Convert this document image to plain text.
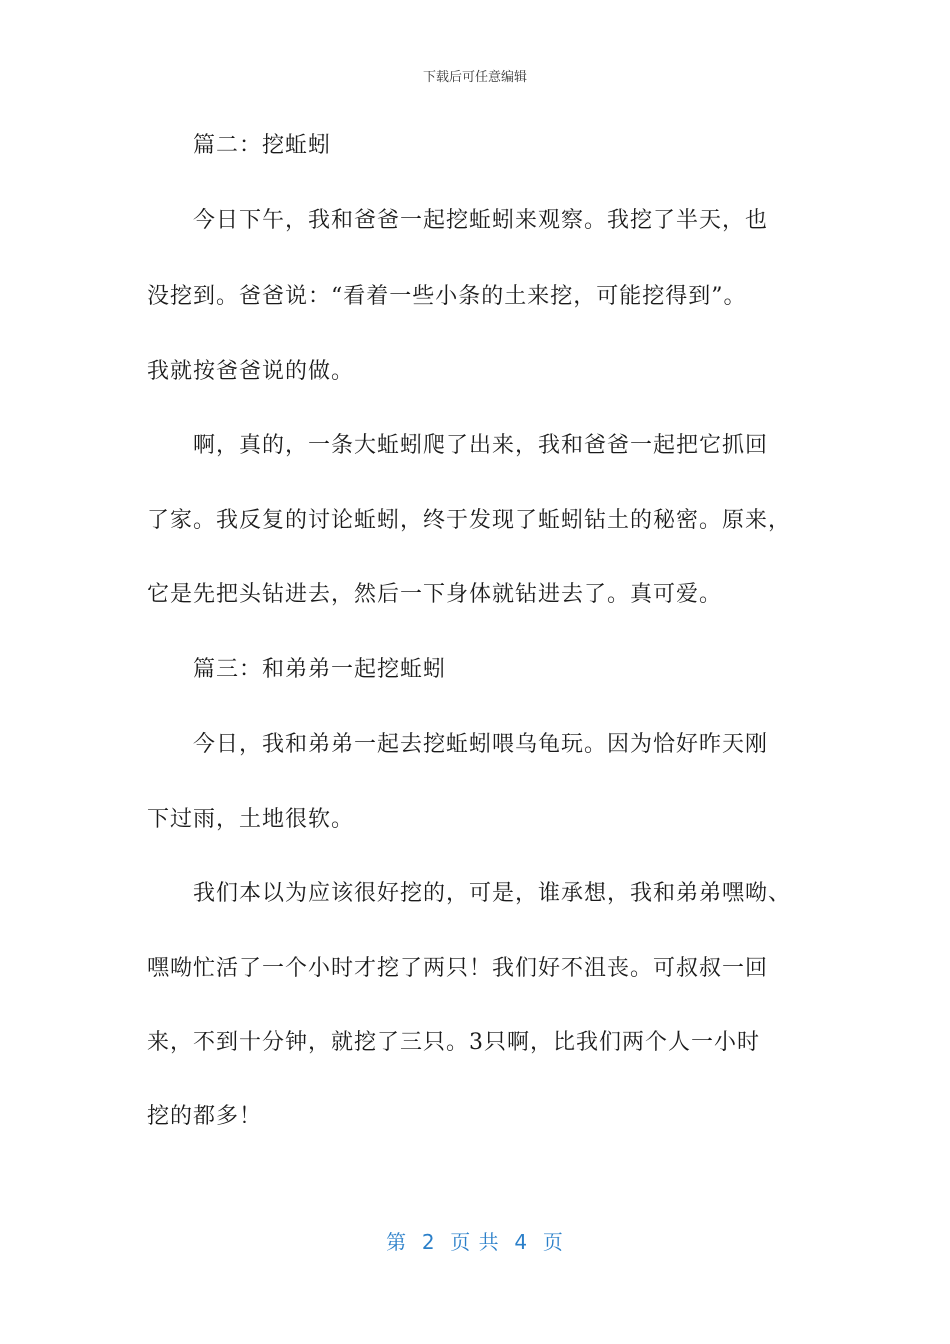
下载后可任意编辑
篇二：挖蚯蚓
今日下午，我和爸爸一起挖蚯蚓来观察。我挖了半天，也
没挖到。爸爸说：“看着一些小条的土来挖，可能挖得到”。
我就按爸爸说的做。
啊，真的，一条大蚯蚓爬了出来，我和爸爸一起把它抓回
了家。我反复的讨论蚯蚓，终于发现了蚯蚓钻土的秘密。原来，
它是先把头钻进去，然后一下身体就钻进去了。真可爱。
篇三：和弟弟一起挖蚯蚓
今日，我和弟弟一起去挖蚯蚓喂乌龟玩。因为恰好昨天刚
下过雨，土地很软。
我们本以为应该很好挖的，可是，谁承想，我和弟弟嘿呦、
嘿呦忙活了一个小时才挖了两只！我们好不沮丧。可叔叔一回
来，不到十分钟，就挖了三只。3只啊，比我们两个人一小时
挖的都多！
第  2  页 共  4  页
